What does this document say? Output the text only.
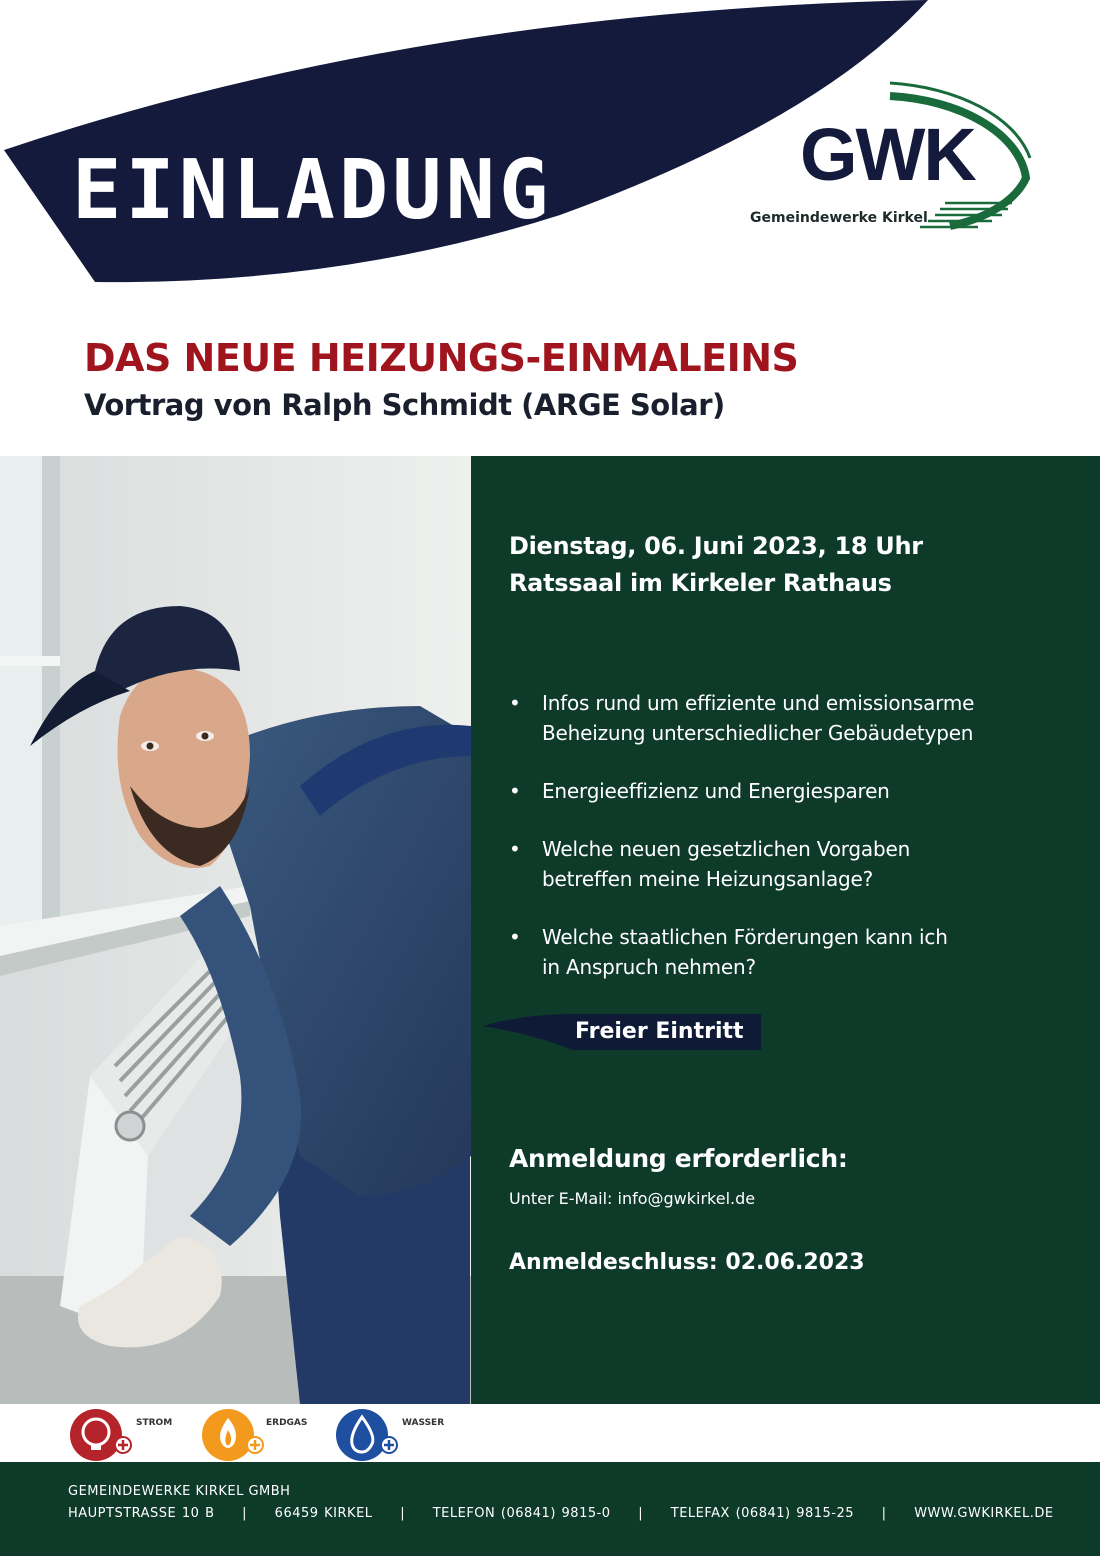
EINLADUNG	GWK
Gemeindewerke Kirkel
DAS NEUE HEIZUNGS-EINMALEINS
Vortrag von Ralph Schmidt (ARGE Solar)
Dienstag, 06. Juni 2023, 18 Uhr
Ratssaal im Kirkeler Rathaus
• Infos rund um effiziente und emissionsarme
Beheizung unterschiedlicher Gebäudetypen
• Energieeffizienz und Energiesparen
• Welche neuen gesetzlichen Vorgaben
betreffen meine Heizungsanlage?
• Welche staatlichen Förderungen kann ich
in Anspruch nehmen?
Freier Eintritt
Anmeldung erforderlich:
Unter E-Mail: info@gwkirkel.de
Anmeldeschluss: 02.06.2023
STROM	ERDGAS	WASSER
GEMEINDEWERKE KIRKEL GMBH
HAUPTSTRASSE 10 B | 66459 KIRKEL | TELEFON (06841) 9815-0 | TELEFAX (06841) 9815-25 | WWW.GWKIRKEL.DE
